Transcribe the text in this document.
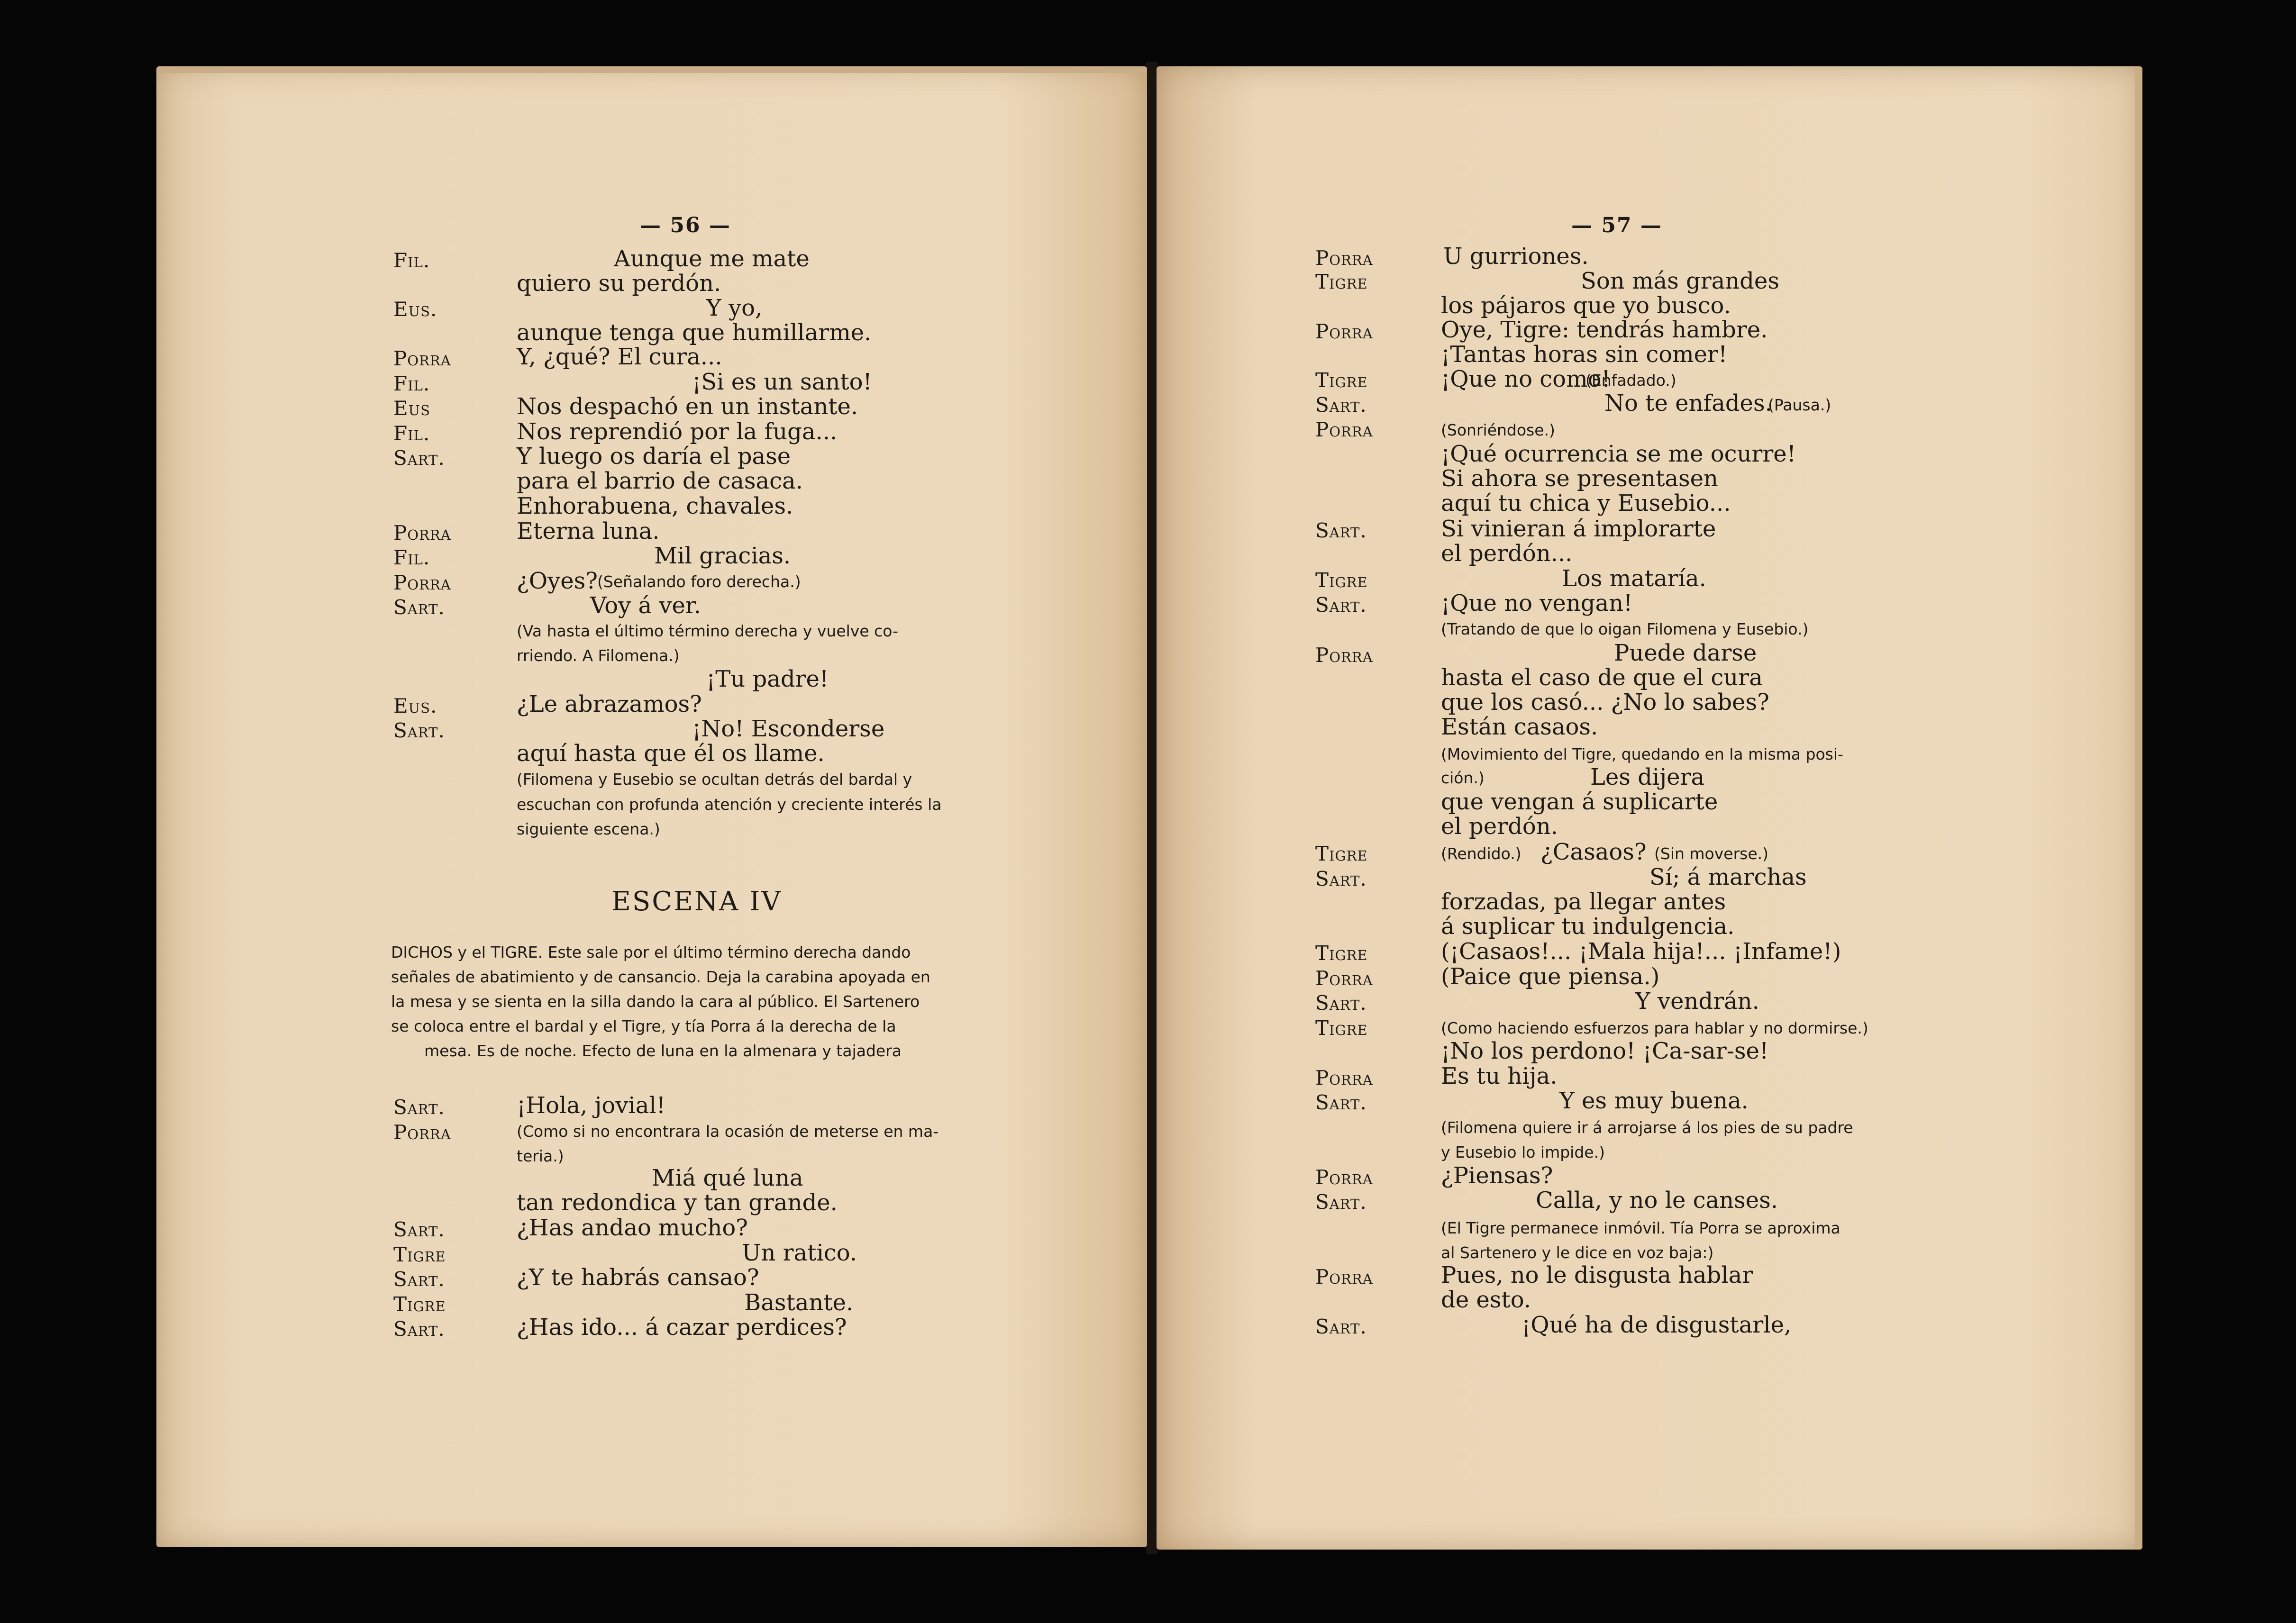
— 56 —
Fil.	Aunque me mate
quiero su perdón.
Eus.	Y yo,
aunque tenga que humillarme.
Porra	Y, ¿qué? El cura...
Fil.	¡Si es un santo!
Eus	Nos despachó en un instante.
Fil.	Nos reprendió por la fuga...
Sart.	Y luego os daría el pase
para el barrio de casaca.
Enhorabuena, chavales.
Porra	Eterna luna.
Fil.	Mil gracias.
Porra	¿Oyes? (Señalando foro derecha.)
Sart.	Voy á ver.
(Va hasta el último término derecha y vuelve co-
rriendo. A Filomena.)
¡Tu padre!
Eus.	¿Le abrazamos?
Sart.	¡No! Esconderse
aquí hasta que él os llame.
(Filomena y Eusebio se ocultan detrás del bardal y
escuchan con profunda atención y creciente interés la
siguiente escena.)
ESCENA IV
DICHOS y el TIGRE. Este sale por el último término derecha dando
señales de abatimiento y de cansancio. Deja la carabina apoyada en
la mesa y se sienta en la silla dando la cara al público. El Sartenero
se coloca entre el bardal y el Tigre, y tía Porra á la derecha de la
mesa. Es de noche. Efecto de luna en la almenara y tajadera
Sart.	¡Hola, jovial!
Porra	(Como si no encontrara la ocasión de meterse en ma-
teria.)
Miá qué luna
tan redondica y tan grande.
Sart.	¿Has andao mucho?
Tigre	Un ratico.
Sart.	¿Y te habrás cansao?
Tigre	Bastante.
Sart.	¿Has ido... á cazar perdices?
— 57 —
Porra	U gurriones.
Tigre	Son más grandes
los pájaros que yo busco.
Porra	Oye, Tigre: tendrás hambre.
¡Tantas horas sin comer!
Tigre	¡Que no como!
(Enfadado.)
Sart.	No te enfades.
(Pausa.)
Porra	(Sonriéndose.)
¡Qué ocurrencia se me ocurre!
Si ahora se presentasen
aquí tu chica y Eusebio...
Sart.	Si vinieran á implorarte
el perdón...
Tigre	Los mataría.
Sart.	¡Que no vengan!
(Tratando de que lo oigan Filomena y Eusebio.)
Porra	Puede darse
hasta el caso de que el cura
que los casó... ¿No lo sabes?
Están casaos.
(Movimiento del Tigre, quedando en la misma posi-
ción.)	Les dijera
que vengan á suplicarte
el perdón.
Tigre	(Rendido.) ¿Casaos? (Sin moverse.)
Sart.	Sí; á marchas
forzadas, pa llegar antes
á suplicar tu indulgencia.
Tigre	(¡Casaos!... ¡Mala hija!... ¡Infame!)
Porra	(Paice que piensa.)
Sart.	Y vendrán.
Tigre	(Como haciendo esfuerzos para hablar y no dormirse.)
¡No los perdono! ¡Ca-sar-se!
Porra	Es tu hija.
Sart.	Y es muy buena.
(Filomena quiere ir á arrojarse á los pies de su padre
y Eusebio lo impide.)
Porra	¿Piensas?
Sart.	Calla, y no le canses.
(El Tigre permanece inmóvil. Tía Porra se aproxima
al Sartenero y le dice en voz baja:)
Porra	Pues, no le disgusta hablar
de esto.
Sart.	¡Qué ha de disgustarle,
